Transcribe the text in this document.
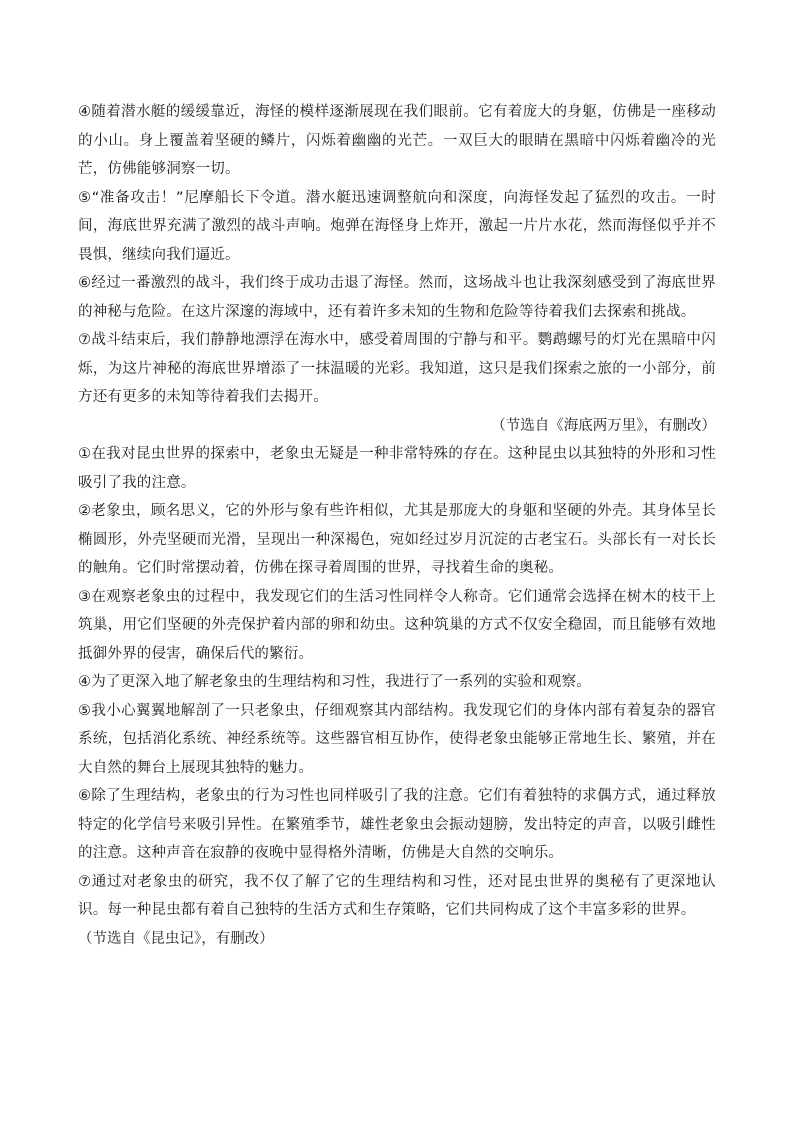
④随着潜水艇的缓缓靠近，海怪的模样逐渐展现在我们眼前。它有着庞大的身躯，仿佛是一座移动的小山。身上覆盖着坚硬的鳞片，闪烁着幽幽的光芒。一双巨大的眼睛在黑暗中闪烁着幽冷的光芒，仿佛能够洞察一切。

⑤“准备攻击！”尼摩船长下令道。潜水艇迅速调整航向和深度，向海怪发起了猛烈的攻击。一时间，海底世界充满了激烈的战斗声响。炮弹在海怪身上炸开，激起一片片水花，然而海怪似乎并不畏惧，继续向我们逼近。

⑥经过一番激烈的战斗，我们终于成功击退了海怪。然而，这场战斗也让我深刻感受到了海底世界的神秘与危险。在这片深邃的海域中，还有着许多未知的生物和危险等待着我们去探索和挑战。

⑦战斗结束后，我们静静地漂浮在海水中，感受着周围的宁静与和平。鹦鹉螺号的灯光在黑暗中闪烁，为这片神秘的海底世界增添了一抹温暖的光彩。我知道，这只是我们探索之旅的一小部分，前方还有更多的未知等待着我们去揭开。

（节选自《海底两万里》，有删改）

①在我对昆虫世界的探索中，老象虫无疑是一种非常特殊的存在。这种昆虫以其独特的外形和习性吸引了我的注意。

②老象虫，顾名思义，它的外形与象有些许相似，尤其是那庞大的身躯和坚硬的外壳。其身体呈长椭圆形，外壳坚硬而光滑，呈现出一种深褐色，宛如经过岁月沉淀的古老宝石。头部长有一对长长的触角。它们时常摆动着，仿佛在探寻着周围的世界，寻找着生命的奥秘。

③在观察老象虫的过程中，我发现它们的生活习性同样令人称奇。它们通常会选择在树木的枝干上筑巢，用它们坚硬的外壳保护着内部的卵和幼虫。这种筑巢的方式不仅安全稳固，而且能够有效地抵御外界的侵害，确保后代的繁衍。

④为了更深入地了解老象虫的生理结构和习性，我进行了一系列的实验和观察。

⑤我小心翼翼地解剖了一只老象虫，仔细观察其内部结构。我发现它们的身体内部有着复杂的器官系统，包括消化系统、神经系统等。这些器官相互协作，使得老象虫能够正常地生长、繁殖，并在大自然的舞台上展现其独特的魅力。

⑥除了生理结构，老象虫的行为习性也同样吸引了我的注意。它们有着独特的求偶方式，通过释放特定的化学信号来吸引异性。在繁殖季节，雄性老象虫会振动翅膀，发出特定的声音，以吸引雌性的注意。这种声音在寂静的夜晚中显得格外清晰，仿佛是大自然的交响乐。

⑦通过对老象虫的研究，我不仅了解了它的生理结构和习性，还对昆虫世界的奥秘有了更深地认识。每一种昆虫都有着自己独特的生活方式和生存策略，它们共同构成了这个丰富多彩的世界。

（节选自《昆虫记》，有删改）
